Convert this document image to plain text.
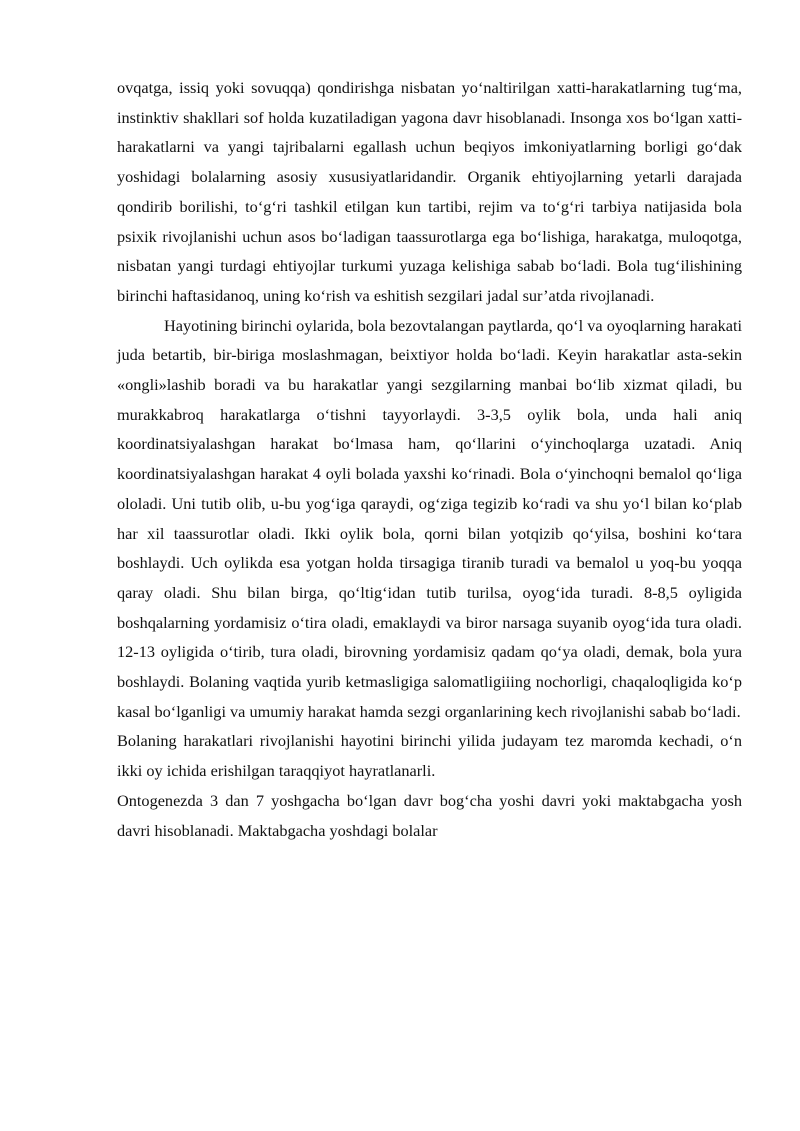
ovqatga, issiq yoki sovuqqa) qondirishga nisbatan yo‘naltirilgan xatti-harakatlarning tug‘ma, instinktiv shakllari sof holda kuzatiladigan yagona davr hisoblanadi. Insonga xos bo‘lgan xatti-harakatlarni va yangi tajribalarni egallash uchun beqiyos imkoniyatlarning borligi go‘dak yoshidagi bolalarning asosiy xususiyatlaridandir. Organik ehtiyojlarning yetarli darajada qondirib borilishi, to‘g‘ri tashkil etilgan kun tartibi, rejim va to‘g‘ri tarbiya natijasida bola psixik rivojlanishi uchun asos bo‘ladigan taassurotlarga ega bo‘lishiga, harakatga, muloqotga, nisbatan yangi turdagi ehtiyojlar turkumi yuzaga kelishiga sabab bo‘ladi. Bola tug‘ilishining birinchi haftasidanoq, uning ko‘rish va eshitish sezgilari jadal sur’atda rivojlanadi.

Hayotining birinchi oylarida, bola bezovtalangan paytlarda, qo‘l va oyoqlarning harakati juda betartib, bir-biriga moslashmagan, beixtiyor holda bo‘ladi. Keyin harakatlar asta-sekin «ongli»lashib boradi va bu harakatlar yangi sezgilarning manbai bo‘lib xizmat qiladi, bu murakkabroq harakatlarga o‘tishni tayyorlaydi. 3-3,5 oylik bola, unda hali aniq koordinatsiyalashgan harakat bo‘lmasa ham, qo‘llarini o‘yinchoqlarga uzatadi. Aniq koordinatsiyalashgan harakat 4 oyli bolada yaxshi ko‘rinadi. Bola o‘yinchoqni bemalol qo‘liga ololadi. Uni tutib olib, u-bu yog‘iga qaraydi, og‘ziga tegizib ko‘radi va shu yo‘l bilan ko‘plab har xil taassurotlar oladi. Ikki oylik bola, qorni bilan yotqizib qo‘yilsa, boshini ko‘tara boshlaydi. Uch oylikda esa yotgan holda tirsagiga tiranib turadi va bemalol u yoq-bu yoqqa qaray oladi. Shu bilan birga, qo‘ltig‘idan tutib turilsa, oyog‘ida turadi. 8-8,5 oyligida boshqalarning yordamisiz o‘tira oladi, emaklaydi va biror narsaga suyanib oyog‘ida tura oladi. 12-13 oyligida o‘tirib, tura oladi, birovning yordamisiz qadam qo‘ya oladi, demak, bola yura boshlaydi. Bolaning vaqtida yurib ketmasligiga salomatligiiing nochorligi, chaqaloqligida ko‘p kasal bo‘lganligi va umumiy harakat hamda sezgi organlarining kech rivojlanishi sabab bo‘ladi.

Bolaning harakatlari rivojlanishi hayotini birinchi yilida judayam tez maromda kechadi, o‘n ikki oy ichida erishilgan taraqqiyot hayratlanarli.

Ontogenezda 3 dan 7 yoshgacha bo‘lgan davr bog‘cha yoshi davri yoki maktabgacha yosh davri hisoblanadi. Maktabgacha yoshdagi bolalar
